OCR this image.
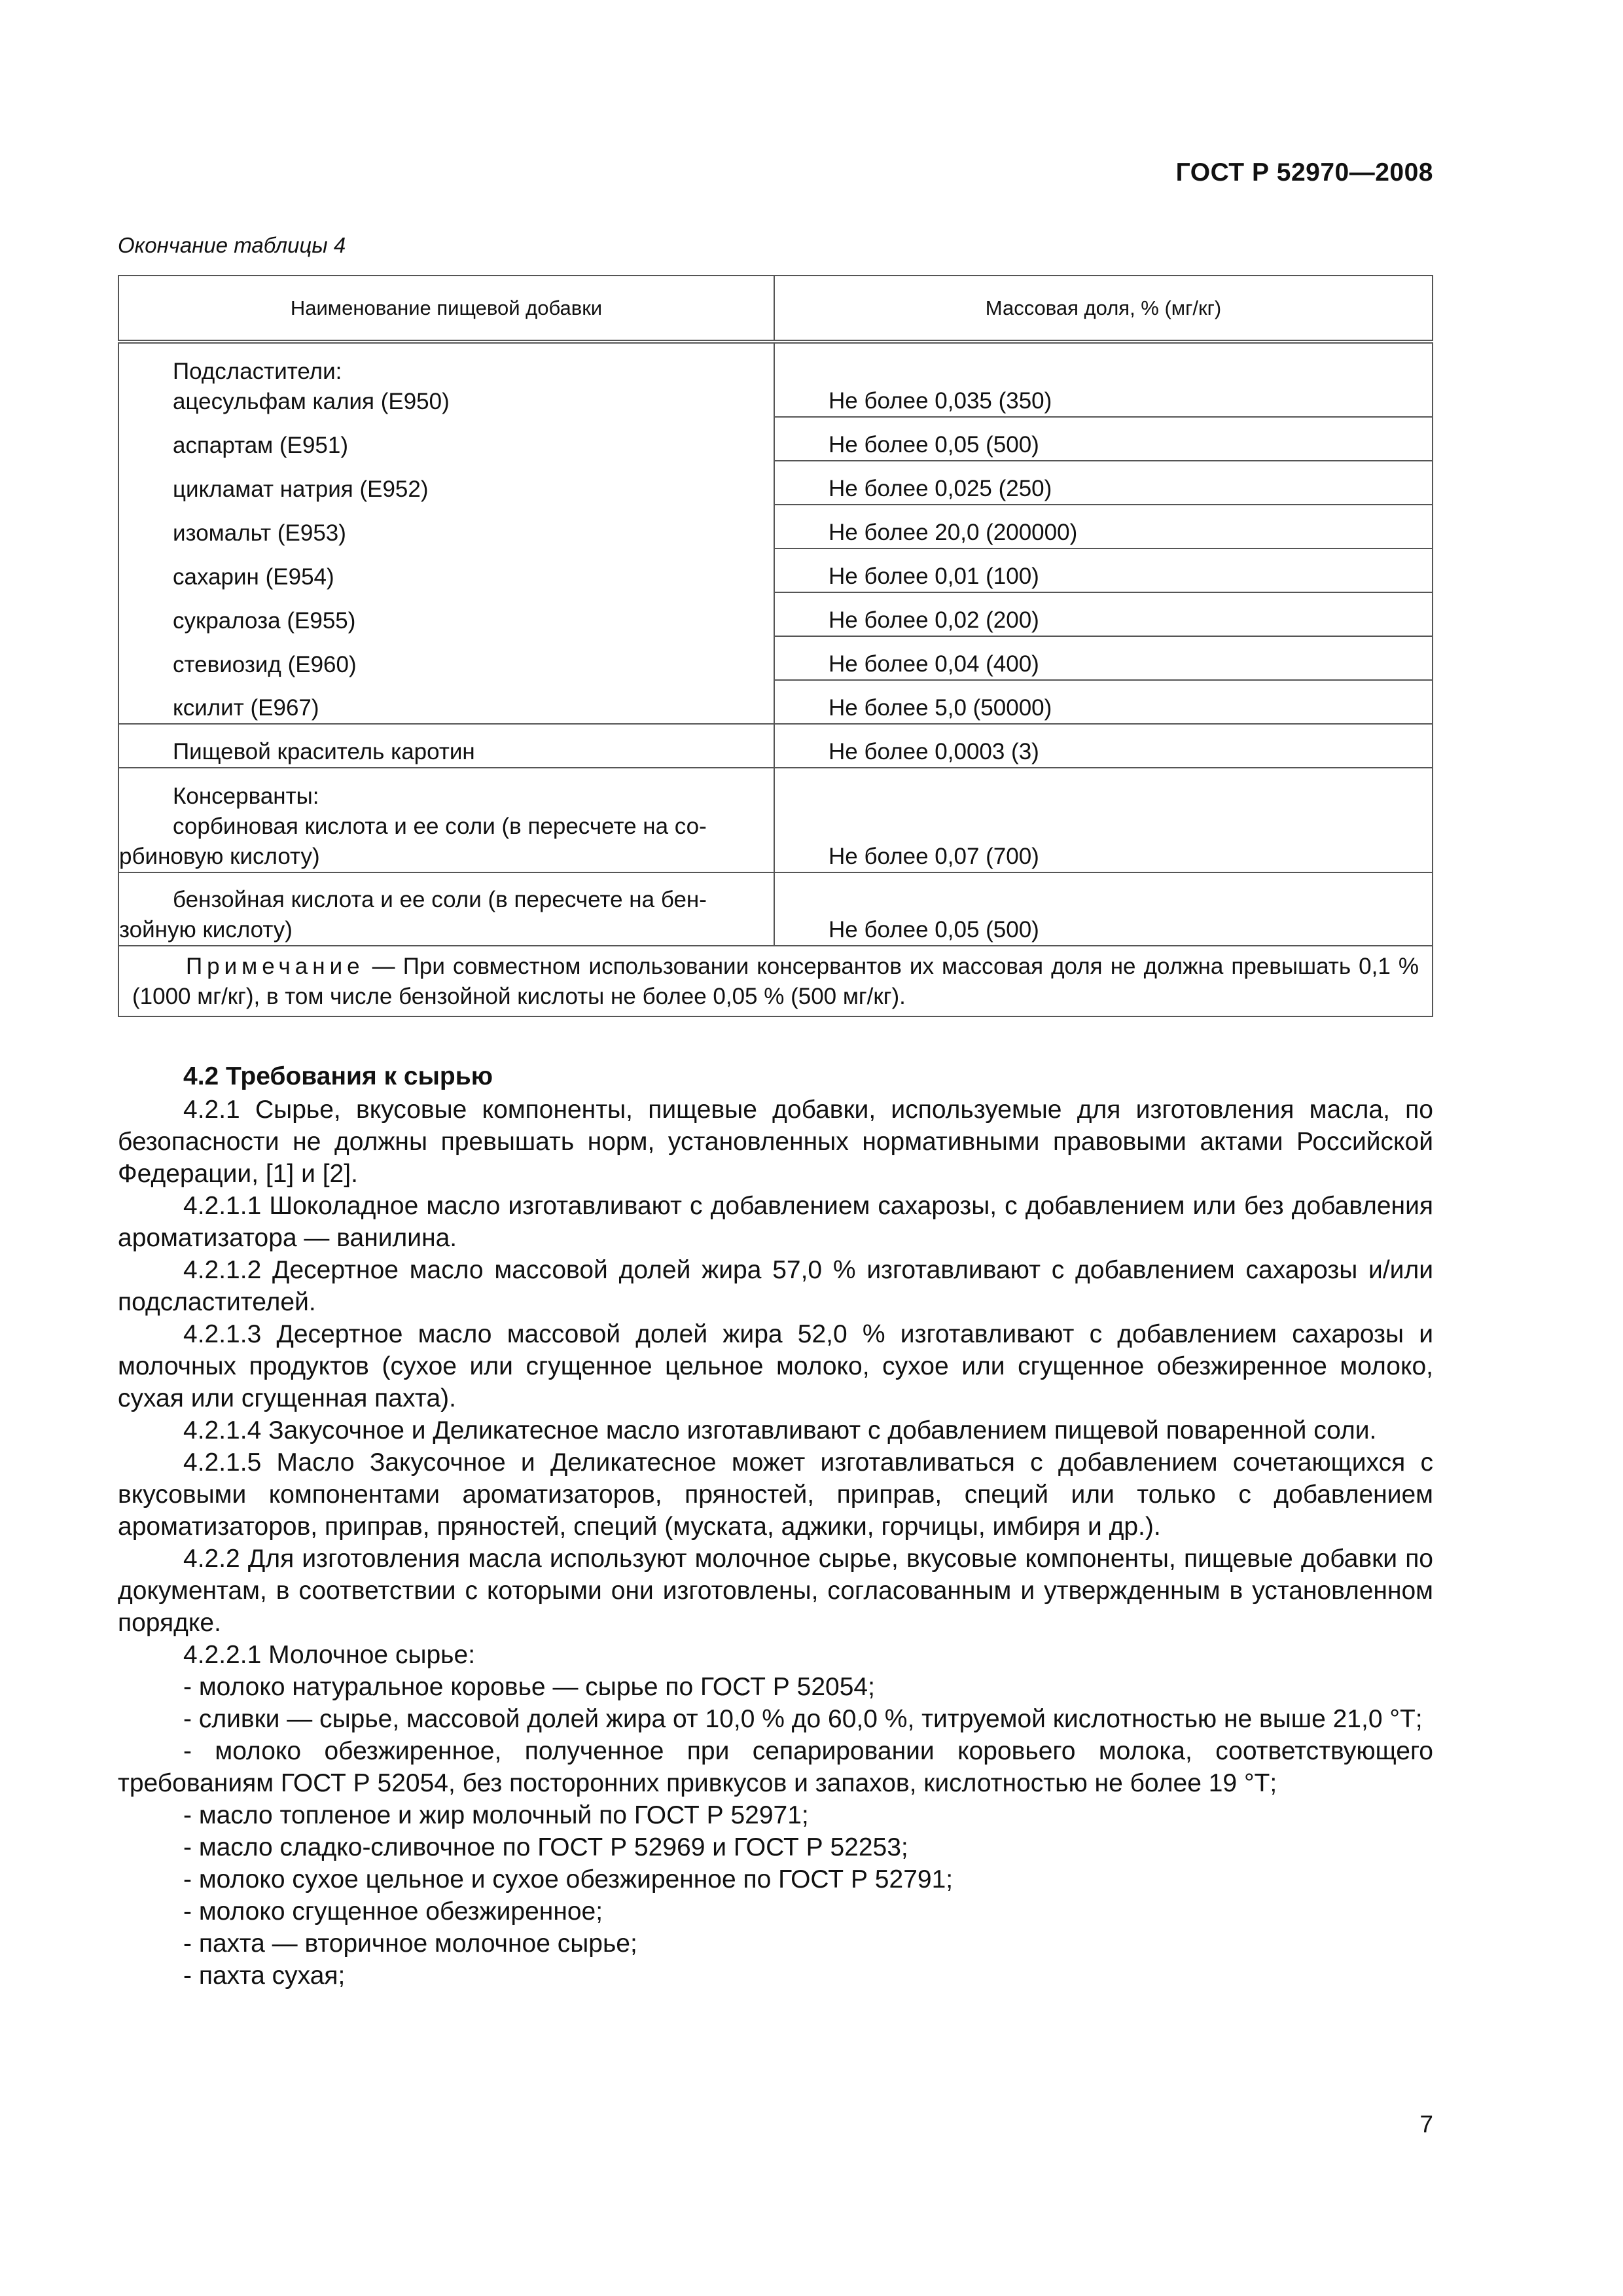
ГОСТ Р 52970—2008
Окончание таблицы 4
Наименование пищевой добавки	Массовая доля, % (мг/кг)

Подсластители:
ацесульфам калия (Е950)	Не более 0,035 (350)
аспартам (Е951)	Не более 0,05 (500)
цикламат натрия (Е952)	Не более 0,025 (250)
изомальт (Е953)	Не более 20,0 (200000)
сахарин (Е954)	Не более 0,01 (100)
сукралоза (Е955)	Не более 0,02 (200)
стевиозид (Е960)	Не более 0,04 (400)
ксилит (Е967)	Не более 5,0 (50000)
Пищевой краситель каротин	Не более 0,0003 (3)

Консерванты:
сорбиновая кислота и ее соли (в пересчете на со-
рбиновую кислоту)	Не более 0,07 (700)

бензойная кислота и ее соли (в пересчете на бен-
зойную кислоту)	Не более 0,05 (500)
Примечание — При совместном использовании консервантов их массовая доля не должна превышать 0,1 % (1000 мг/кг), в том числе бензойной кислоты не более 0,05 % (500 мг/кг).	
4.2 Требования к сырью

4.2.1 Сырье, вкусовые компоненты, пищевые добавки, используемые для изготовления масла, по безопасности не должны превышать норм, установленных нормативными правовыми актами Российской Федерации, [1] и [2].

4.2.1.1 Шоколадное масло изготавливают с добавлением сахарозы, с добавлением или без добавления ароматизатора — ванилина.

4.2.1.2 Десертное масло массовой долей жира 57,0 % изготавливают с добавлением сахарозы и/или подсластителей.

4.2.1.3 Десертное масло массовой долей жира 52,0 % изготавливают с добавлением сахарозы и молочных продуктов (сухое или сгущенное цельное молоко, сухое или сгущенное обезжиренное молоко, сухая или сгущенная пахта).

4.2.1.4 Закусочное и Деликатесное масло изготавливают с добавлением пищевой поваренной соли.

4.2.1.5 Масло Закусочное и Деликатесное может изготавливаться с добавлением сочетающихся с вкусовыми компонентами ароматизаторов, пряностей, приправ, специй или только с добавлением ароматизаторов, приправ, пряностей, специй (муската, аджики, горчицы, имбиря и др.).

4.2.2 Для изготовления масла используют молочное сырье, вкусовые компоненты, пищевые добавки по документам, в соответствии с которыми они изготовлены, согласованным и утвержденным в установленном порядке.

4.2.2.1 Молочное сырье:

- молоко натуральное коровье — сырье по ГОСТ Р 52054;

- сливки — сырье, массовой долей жира от 10,0 % до 60,0 %, титруемой кислотностью не выше 21,0 °Т;

- молоко обезжиренное, полученное при сепарировании коровьего молока, соответствующего требованиям ГОСТ Р 52054, без посторонних привкусов и запахов, кислотностью не более 19 °Т;

- масло топленое и жир молочный по ГОСТ Р 52971;

- масло сладко-сливочное по ГОСТ Р 52969 и ГОСТ Р 52253;

- молоко сухое цельное и сухое обезжиренное по ГОСТ Р 52791;

- молоко сгущенное обезжиренное;

- пахта — вторичное молочное сырье;

- пахта сухая;

7
